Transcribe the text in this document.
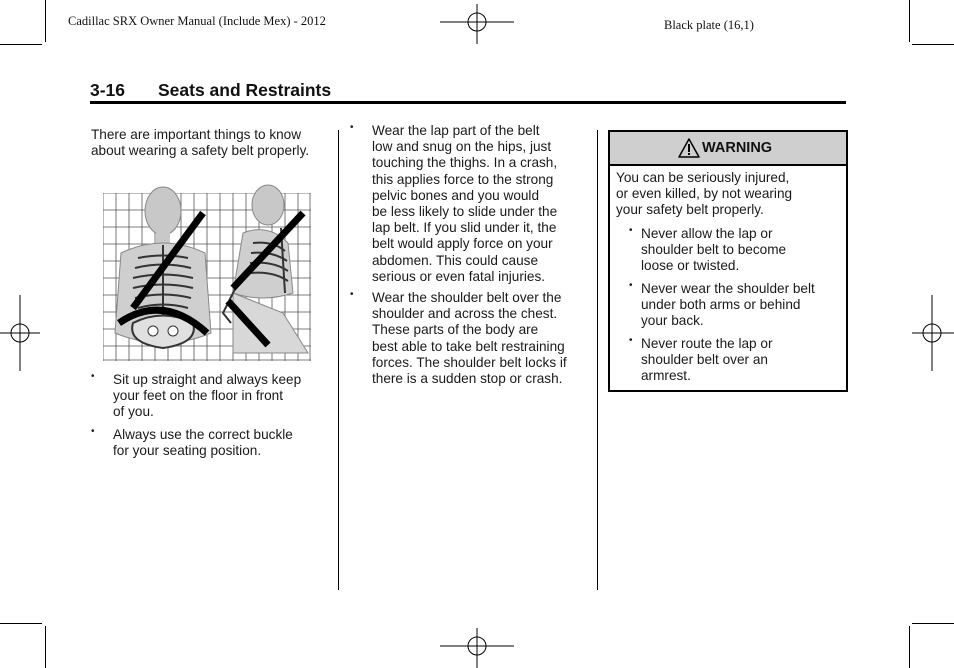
Cadillac SRX Owner Manual (Include Mex) - 2012	Black plate (16,1)
3-16 Seats and Restraints
There are important things to know
about wearing a safety belt properly.
• Sit up straight and always keep
your feet on the floor in front
of you.
• Always use the correct buckle
for your seating position.
• Wear the lap part of the belt
low and snug on the hips, just
touching the thighs. In a crash,
this applies force to the strong
pelvic bones and you would
be less likely to slide under the
lap belt. If you slid under it, the
belt would apply force on your
abdomen. This could cause
serious or even fatal injuries.
• Wear the shoulder belt over the
shoulder and across the chest.
These parts of the body are
best able to take belt restraining
forces. The shoulder belt locks if
there is a sudden stop or crash.
WARNING
You can be seriously injured,
or even killed, by not wearing
your safety belt properly.
• Never allow the lap or
shoulder belt to become
loose or twisted.
• Never wear the shoulder belt
under both arms or behind
your back.
• Never route the lap or
shoulder belt over an
armrest.
